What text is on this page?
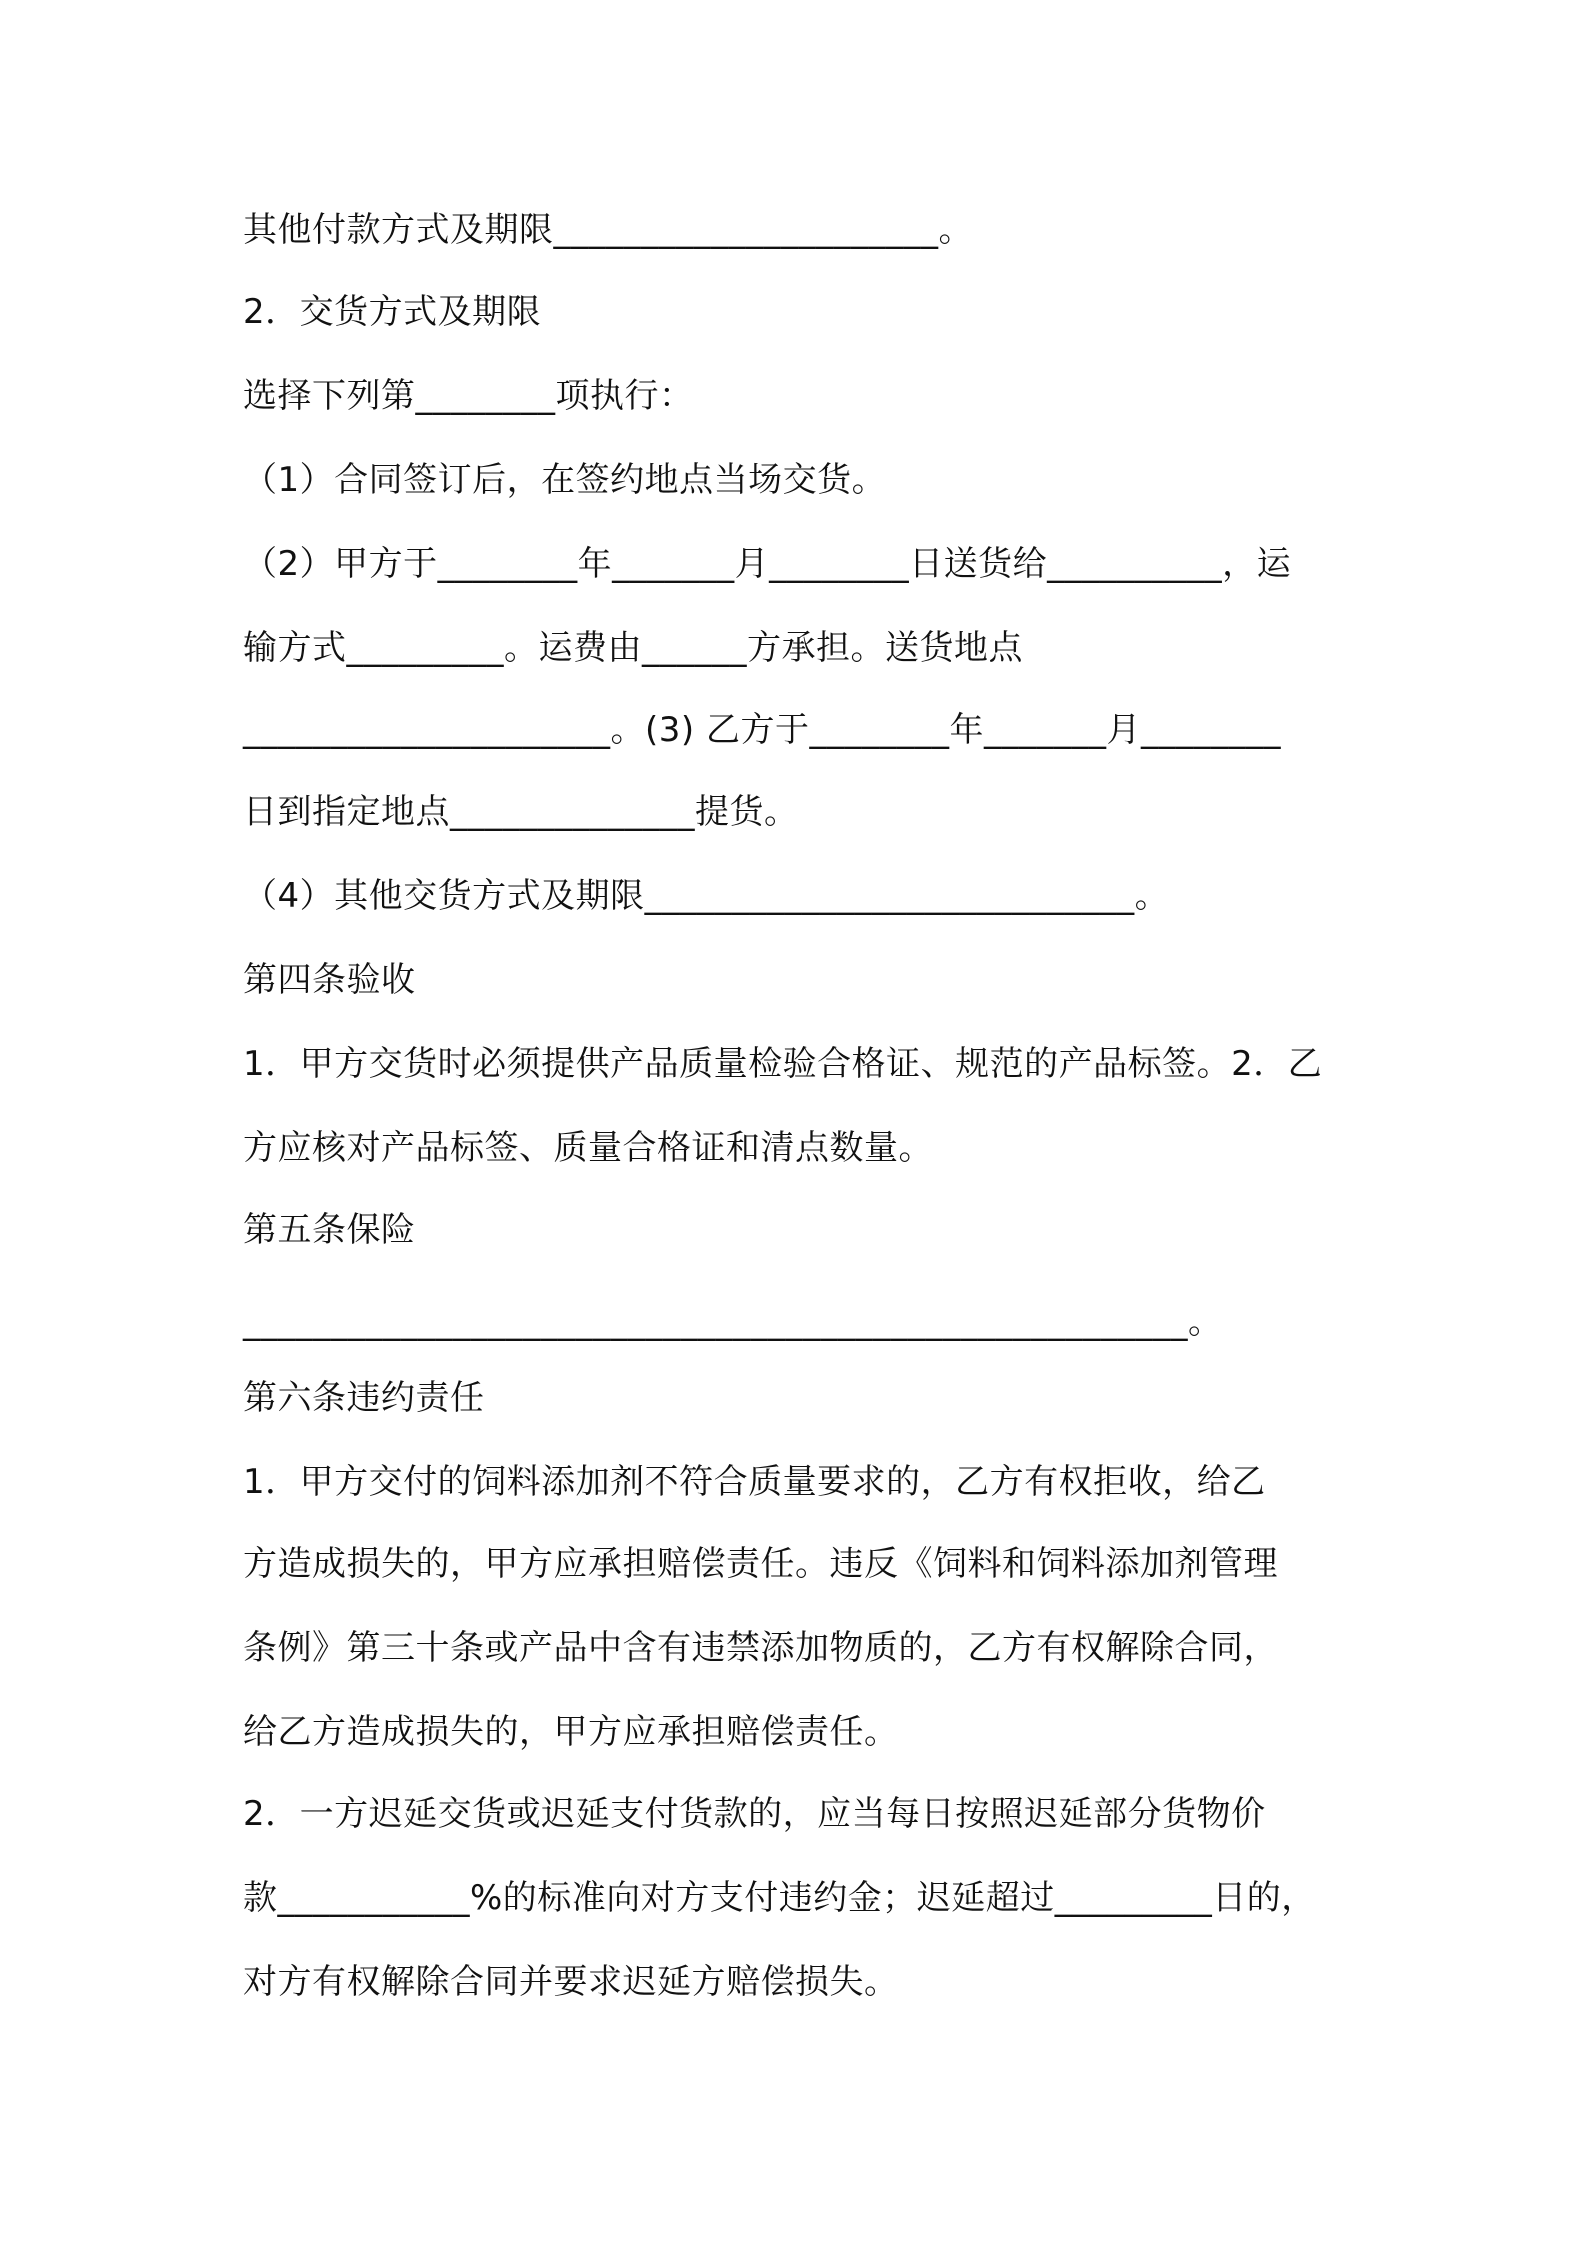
其他付款方式及期限______________________。
2．交货方式及期限
选择下列第________项执行：
（1）合同签订后，在签约地点当场交货。
（2）甲方于________年_______月________日送货给__________，运
输方式_________。运费由______方承担。送货地点
_____________________。(3) 乙方于________年_______月________
日到指定地点______________提货。
（4）其他交货方式及期限____________________________。
第四条验收
1．甲方交货时必须提供产品质量检验合格证、规范的产品标签。2．乙
方应核对产品标签、质量合格证和清点数量。
第五条保险
______________________________________________________。
第六条违约责任
1．甲方交付的饲料添加剂不符合质量要求的，乙方有权拒收，给乙
方造成损失的，甲方应承担赔偿责任。违反《饲料和饲料添加剂管理
条例》第三十条或产品中含有违禁添加物质的，乙方有权解除合同，
给乙方造成损失的，甲方应承担赔偿责任。
2．一方迟延交货或迟延支付货款的，应当每日按照迟延部分货物价
款___________%的标准向对方支付违约金；迟延超过_________日的，
对方有权解除合同并要求迟延方赔偿损失。
